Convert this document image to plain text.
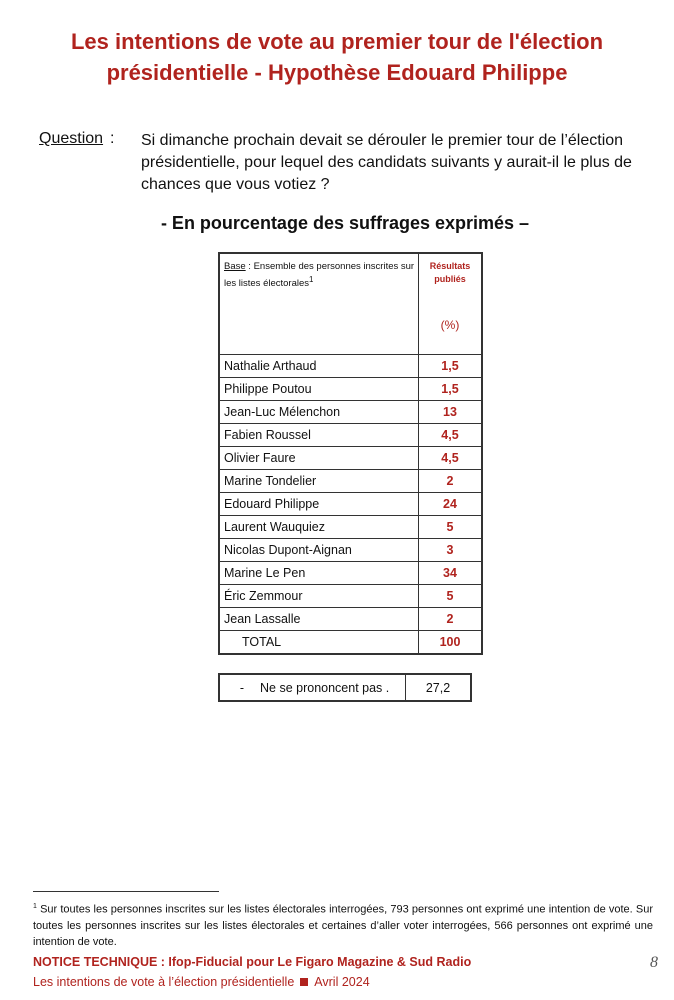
Les intentions de vote au premier tour de l'élection
présidentielle - Hypothèse Edouard Philippe
Question : Si dimanche prochain devait se dérouler le premier tour de l’élection présidentielle, pour lequel des candidats suivants y aurait-il le plus de chances que vous votiez ?
- En pourcentage des suffrages exprimés –
Base : Ensemble des personnes inscrites sur les listes électorales$^1$	Résultats
publiés
(%)

Nathalie Arthaud	1,5
Philippe Poutou	1,5
Jean-Luc Mélenchon	13
Fabien Roussel	4,5
Olivier Faure	4,5
Marine Tondelier	2
Edouard Philippe	24
Laurent Wauquiez	5
Nicolas Dupont-Aignan	3
Marine Le Pen	34
Éric Zemmour	5
Jean Lassalle	2
TOTAL	100
- Ne se prononcent pas .	27,2
$^1$ Sur toutes les personnes inscrites sur les listes électorales interrogées, 793 personnes ont exprimé une intention de vote. Sur toutes les personnes inscrites sur les listes électorales et certaines d’aller voter interrogées, 566 personnes ont exprimé une intention de vote.
NOTICE TECHNIQUE : Ifop-Fiducial pour Le Figaro Magazine & Sud Radio	8
Les intentions de vote à l’élection présidentielle Avril 2024
